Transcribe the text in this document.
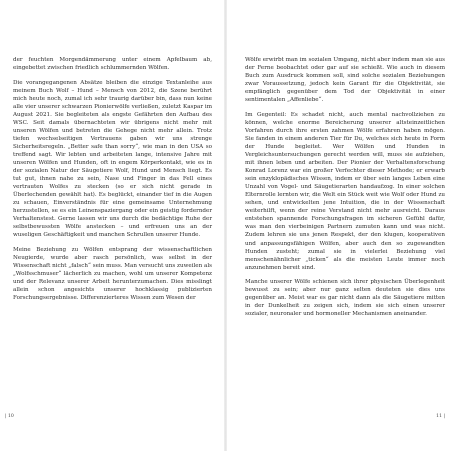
der feuchten Morgendämmerung unter einem Apfelbaum ab, eingebettet zwischen friedlich schlummernden Wölfen.

Die vorangegangenen Absätze bleiben die einzige Textanleihe aus meinem Buch Wolf – Hund – Mensch von 2012, die Szene berührt mich heute noch, zumal ich sehr traurig darüber bin, dass nun keine alle vier unserer schwarzen Pionierwölfe verließen, zuletzt Kaspar im August 2021. Sie begleiteten als engste Gefährten den Aufbau des WSC. Seit damals übernachteten wir übrigens nicht mehr mit unseren Wölfen und betreten die Gehege nicht mehr allein. Trotz tiefen wechselseitigen Vertrauens gaben wir uns strenge Sicherheitsregeln. „Better safe than sorry“, wie man in den USA so treffend sagt. Wir lebten und arbeiteten lange, intensive Jahre mit unseren Wölfen und Hunden, oft in engem Körperkontakt, wie es in der sozialen Natur der Säugetiere Wolf, Hund und Mensch liegt. Es tut gut, ihnen nahe zu sein, Nase und Finger in das Fell eines vertrauten Wolfes zu stecken (so er sich nicht gerade in Überlechenden gewählt hat). Es beglückt, einander tief in die Augen zu schauen, Einverständnis für eine gemeinsame Unternehmung herzustellen, se es ein Leinenspaziergang oder ein geistig fordernder Verhaltenstest. Gerne lassen wir uns durch die bedächtige Ruhe der selbstbewussten Wölfe anstecken – und erfreuen uns an der wuseligen Geschäftigkeit und manchen Schrullen unserer Hunde.

Meine Beziehung zu Wölfen entsprang der wissenschaftlichen Neugierde, wurde aber rasch persönlich, was selbst in der Wissenschaft nicht „falsch“ sein muss. Man versucht uns zuweilen als „Wolfsschmuser“ lächerlich zu machen, wohl um unserer Kompetenz und der Relevanz unserer Arbeit herunterzumachen. Dies misslingt allein schon angesichts unserer hochklassig publizierten Forschungsergebnisse. Differenzierteres Wissen zum Wesen der

| 10

Wölfe erwirbt man im sozialen Umgang, nicht aber indem man sie aus der Ferne beobachtet oder gar auf sie schießt. Wie auch in diesem Buch zum Ausdruck kommen soll, sind solche sozialen Beziehungen zwar Voraussetzung, jedoch kein Garant für die Objektivität, sie empfänglich gegenüber dem Tod der Objektivität in einer sentimentalen „Affenliebe“.

Im Gegenteil: Es schadet nicht, auch mental nachvollziehen zu können, welche enorme Bereicherung unserer altsteinzeitlichen Vorfahren durch ihre ersten zahmen Wölfe erfahren haben mögen. Sie fanden in einem anderen Tier für Du, welches sich heute in Form der Hunde begleitet. Wer Wölfen und Hunden in Vergleichsuntersuchungen gerecht werden will, muss sie aufziehen, mit ihnen leben und arbeiten. Der Pionier der Verhaltensforschung Konrad Lorenz war ein großer Verfechter dieser Methode; er erwarb sein enzyklopädisches Wissen, indem er über sein langes Leben eine Unzahl von Vogel- und Säugetierarten handaufzog. In einer solchen Elternrolle lernten wir, die Welt ein Stück weit wie Wolf oder Hund zu sehen, und entwickelten jene Intuition, die in der Wissenschaft weiterhilft, wenn der reine Verstand nicht mehr ausreicht. Daraus entstehen spannende Forschungsfragen im sicheren Gefühl dafür, was man den vierbeinigen Partnern zumuten kann und was nicht. Zudem lehren sie uns jenen Respekt, der den klugen, kooperativen und anpassungsfähigen Wölfen, aber auch den so zugewandten Hunden zusteht; zumal sie in vielerlei Beziehung viel menschenähnlicher „ticken“ als die meisten Leute immer noch anzunehmen bereit sind.

Manche unserer Wölfe schienen sich ihrer physischen Überlegenheit bewusst zu sein; aber nur ganz selten deuteten sie dies uns gegenüber an. Meist war es gar nicht dann als die Säugetiere mitten in der Dunkelheit zu zeigen sich, indem sie sich einen unserer sozialer, neuronaler und hormoneller Mechanismen aneinander.

11 |
